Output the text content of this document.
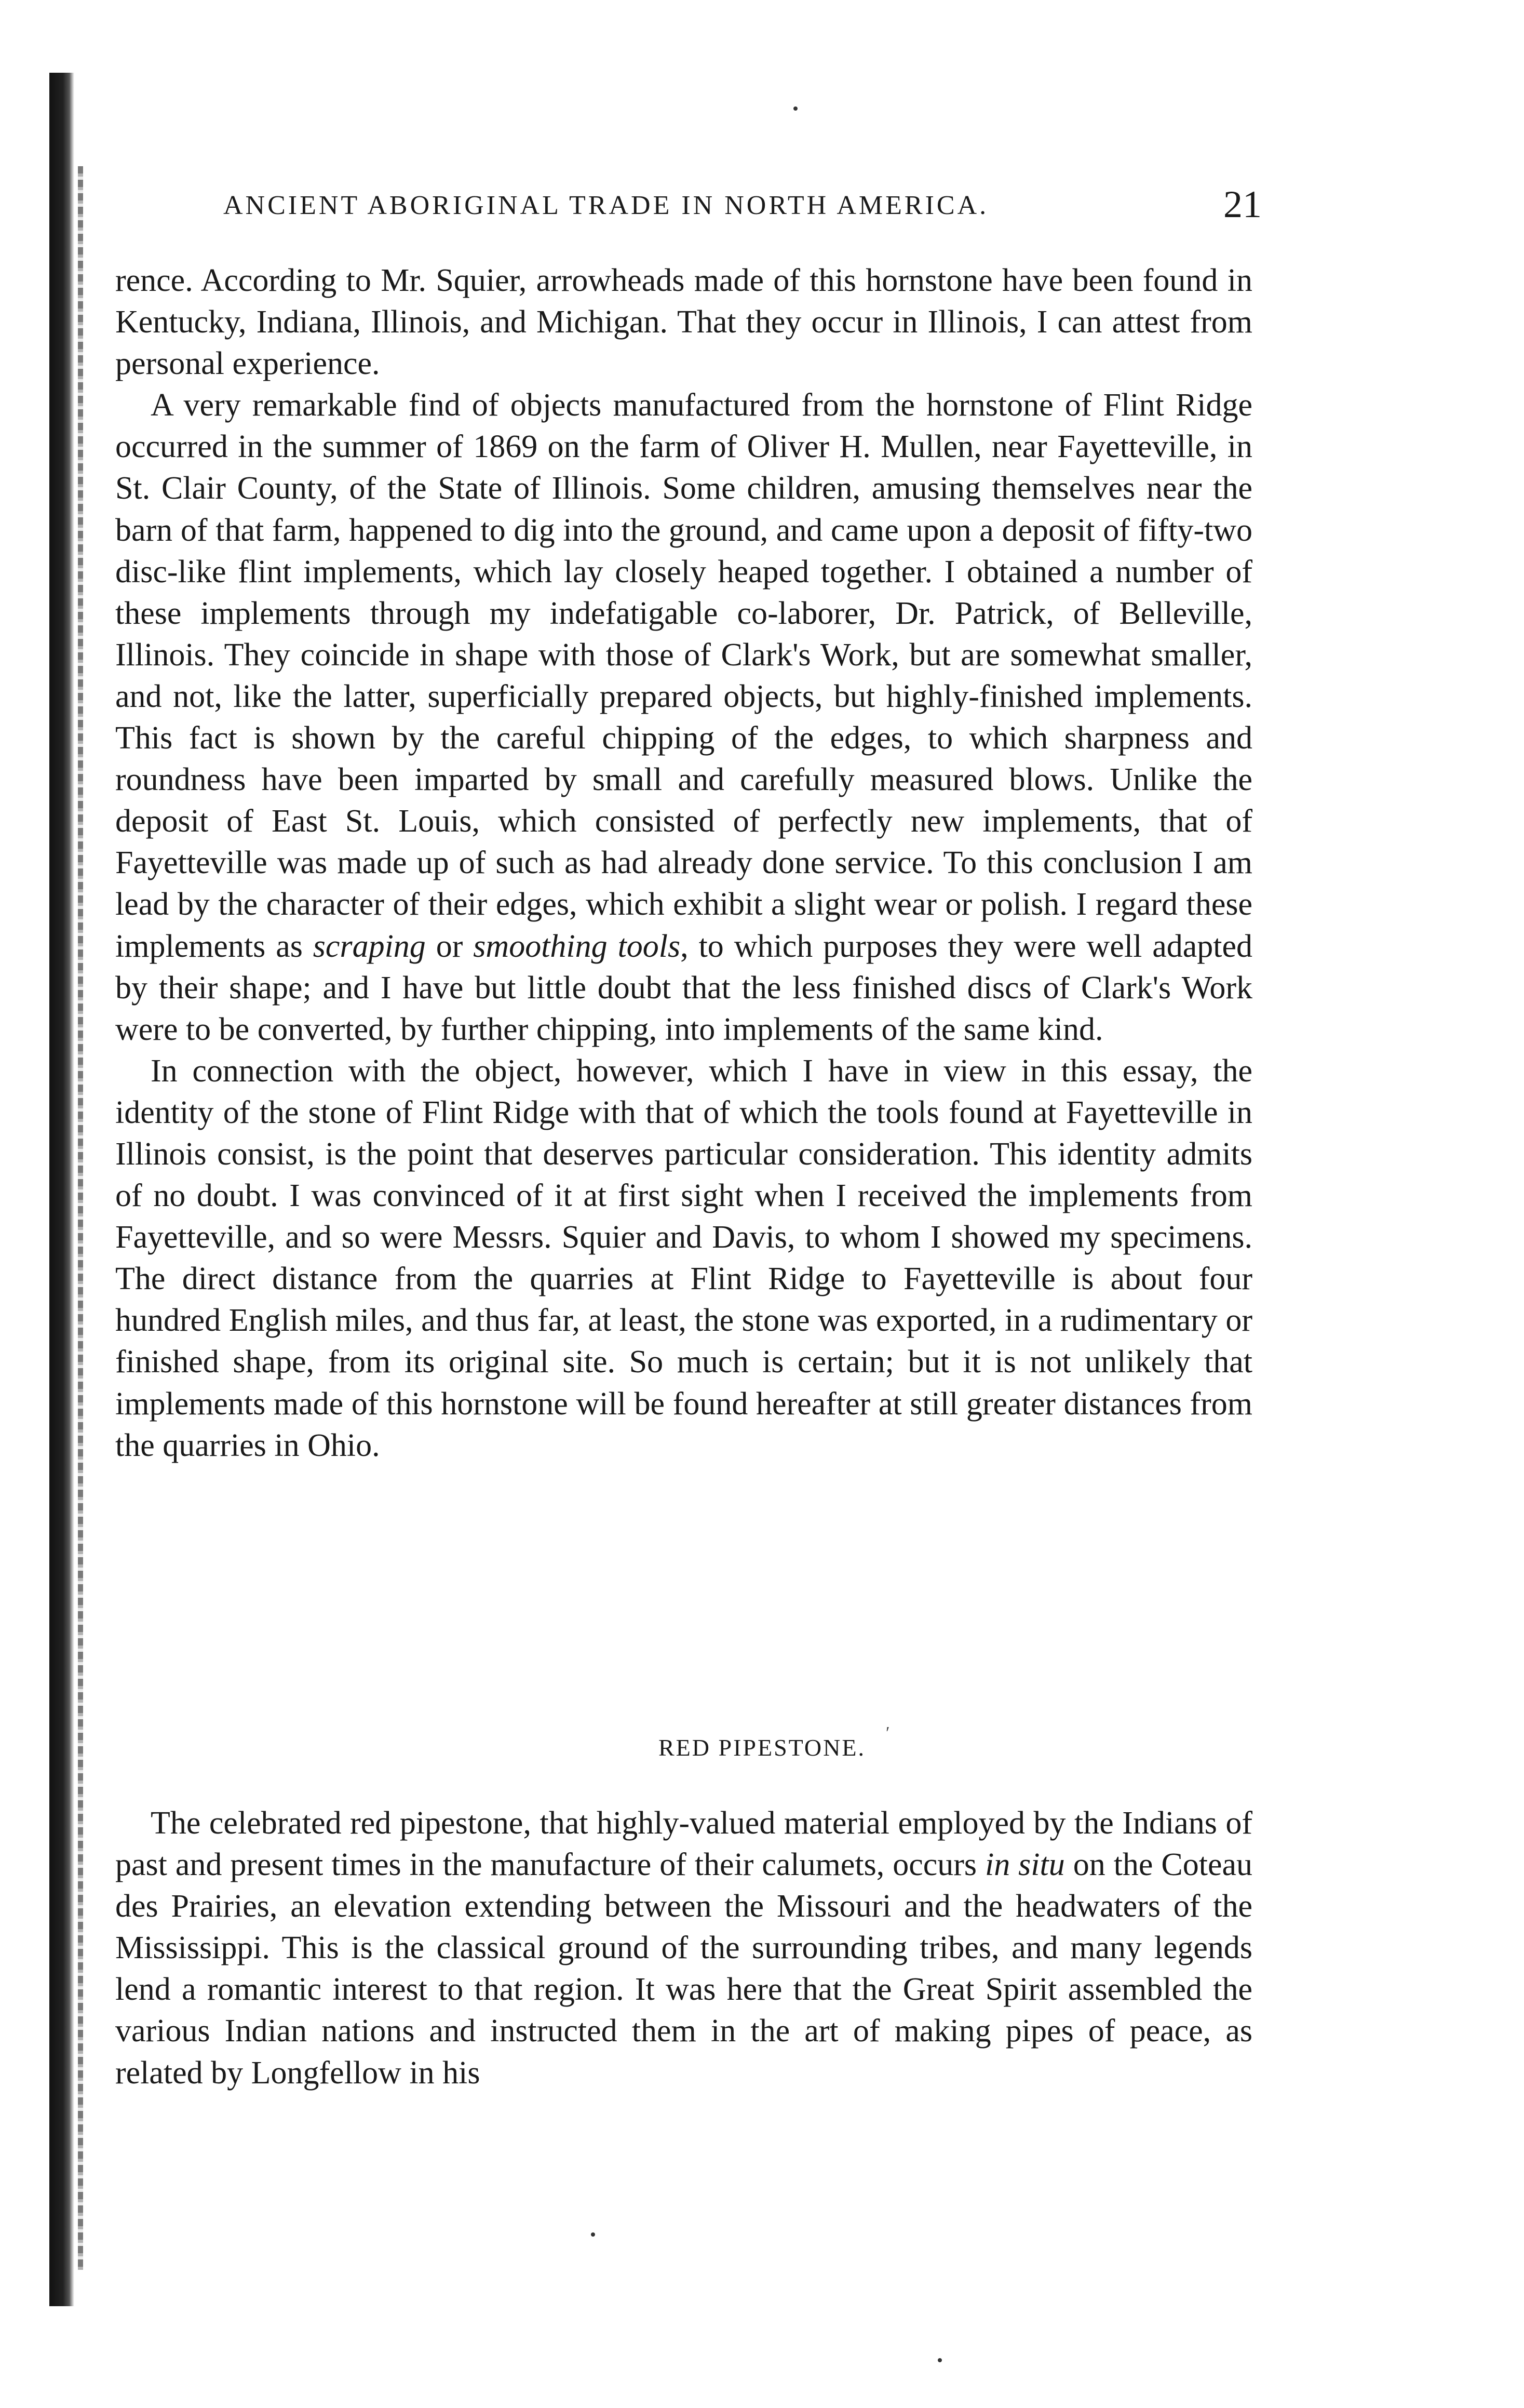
ANCIENT ABORIGINAL TRADE IN NORTH AMERICA.	21

rence. According to Mr. Squier, arrowheads made of this hornstone have been found in Kentucky, Indiana, Illinois, and Michigan. That they occur in Illinois, I can attest from personal experience.

A very remarkable find of objects manufactured from the hornstone of Flint Ridge occurred in the summer of 1869 on the farm of Oliver H. Mullen, near Fayetteville, in St. Clair County, of the State of Illinois. Some children, amusing themselves near the barn of that farm, happened to dig into the ground, and came upon a deposit of fifty-two disc-like flint implements, which lay closely heaped together. I obtained a number of these implements through my indefatigable co-laborer, Dr. Patrick, of Belleville, Illinois. They coincide in shape with those of Clark's Work, but are somewhat smaller, and not, like the latter, superficially prepared objects, but highly-finished implements. This fact is shown by the careful chipping of the edges, to which sharpness and roundness have been imparted by small and carefully measured blows. Unlike the deposit of East St. Louis, which consisted of perfectly new implements, that of Fayetteville was made up of such as had already done service. To this conclusion I am lead by the character of their edges, which exhibit a slight wear or polish. I regard these implements as scraping or smoothing tools, to which purposes they were well adapted by their shape; and I have but little doubt that the less finished discs of Clark's Work were to be converted, by further chipping, into implements of the same kind.

In connection with the object, however, which I have in view in this essay, the identity of the stone of Flint Ridge with that of which the tools found at Fayetteville in Illinois consist, is the point that deserves particular consideration. This identity admits of no doubt. I was convinced of it at first sight when I received the implements from Fayetteville, and so were Messrs. Squier and Davis, to whom I showed my specimens. The direct distance from the quarries at Flint Ridge to Fayetteville is about four hundred English miles, and thus far, at least, the stone was exported, in a rudimentary or finished shape, from its original site. So much is certain; but it is not unlikely that implements made of this hornstone will be found hereafter at still greater distances from the quarries in Ohio.

RED PIPESTONE.
′

The celebrated red pipestone, that highly-valued material employed by the Indians of past and present times in the manufacture of their calumets, occurs in situ on the Coteau des Prairies, an elevation extending between the Missouri and the headwaters of the Mississippi. This is the classical ground of the surrounding tribes, and many legends lend a romantic interest to that region. It was here that the Great Spirit assembled the various Indian nations and instructed them in the art of making pipes of peace, as related by Longfellow in his
